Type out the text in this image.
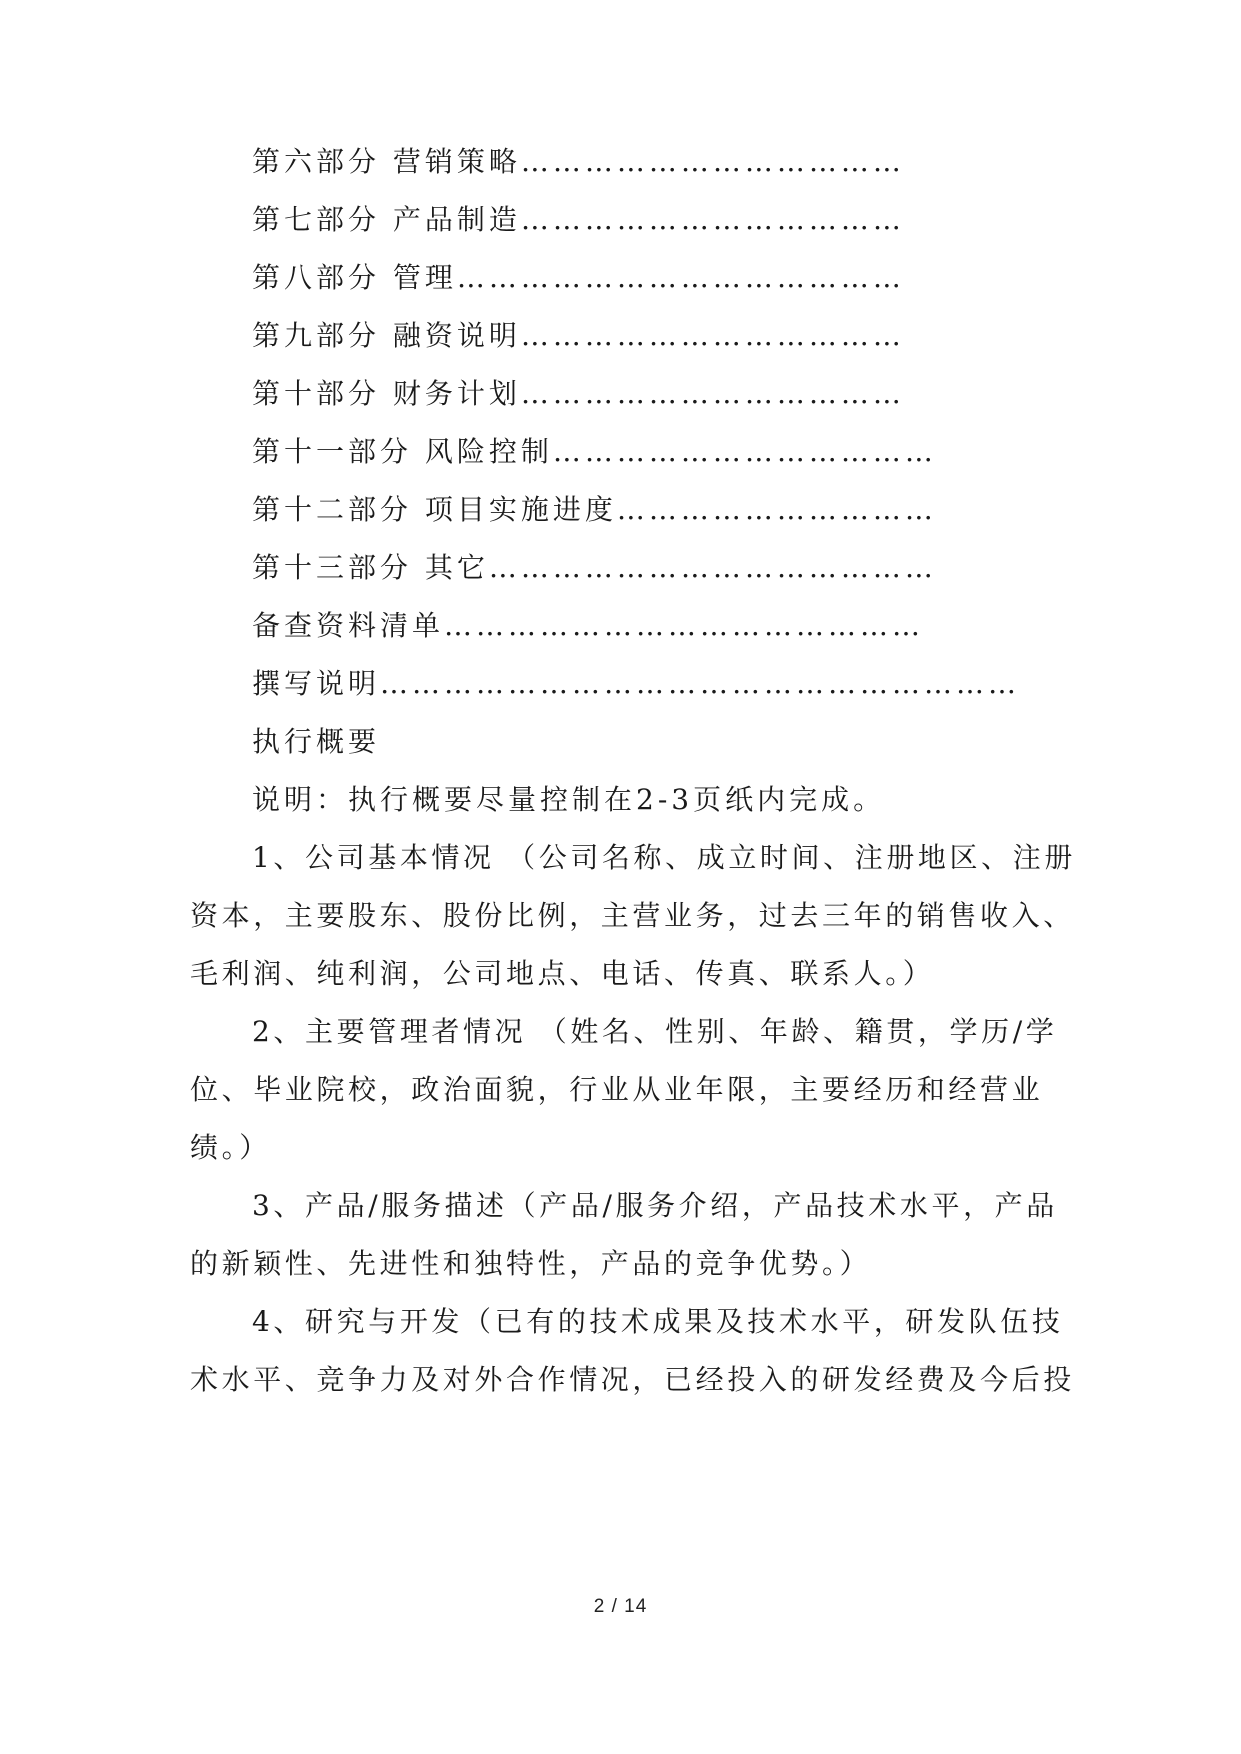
第六部分 营销策略………………………………
第七部分 产品制造………………………………
第八部分 管理……………………………………
第九部分 融资说明………………………………
第十部分 财务计划………………………………
第十一部分 风险控制………………………………
第十二部分 项目实施进度…………………………
第十三部分 其它……………………………………
备查资料清单………………………………………
撰写说明……………………………………………………
执行概要
说明：执行概要尽量控制在2-3页纸内完成。
1、公司基本情况 （公司名称、成立时间、注册地区、注册
资本，主要股东、股份比例，主营业务，过去三年的销售收入、
毛利润、纯利润，公司地点、电话、传真、联系人。）
2、主要管理者情况 （姓名、性别、年龄、籍贯，学历/学
位、毕业院校，政治面貌，行业从业年限，主要经历和经营业
绩。）
3、产品/服务描述（产品/服务介绍，产品技术水平，产品
的新颖性、先进性和独特性，产品的竞争优势。）
4、研究与开发（已有的技术成果及技术水平，研发队伍技
术水平、竞争力及对外合作情况，已经投入的研发经费及今后投
2 / 14
